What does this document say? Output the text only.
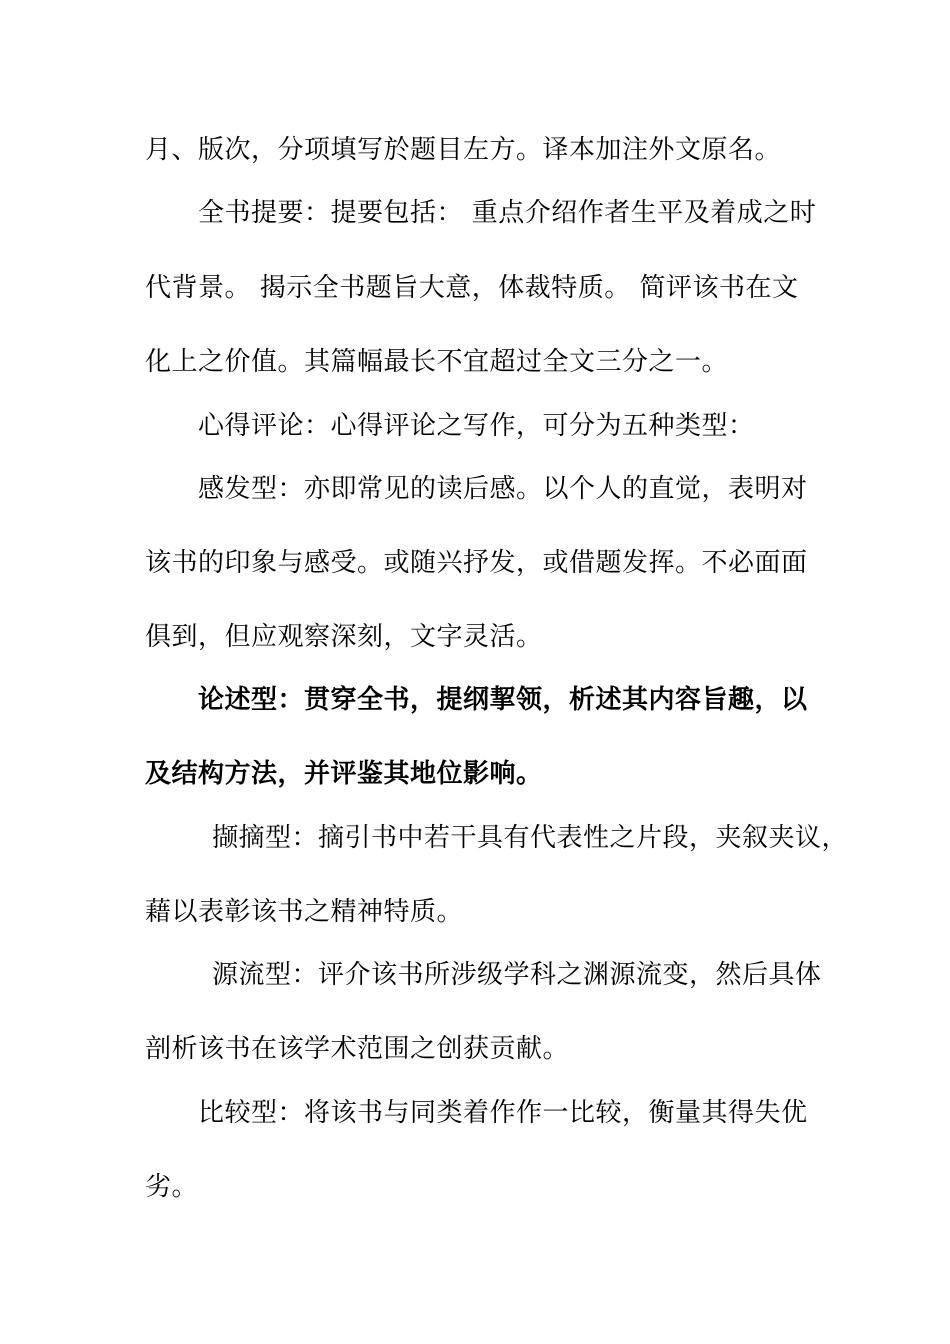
月、版次，分项填写於题目左方。译本加注外文原名。
全书提要：提要包括： 重点介绍作者生平及着成之时
代背景。 揭示全书题旨大意，体裁特质。 简评该书在文
化上之价值。其篇幅最长不宜超过全文三分之一。
心得评论：心得评论之写作，可分为五种类型：
感发型：亦即常见的读后感。以个人的直觉，表明对
该书的印象与感受。或随兴抒发，或借题发挥。不必面面
俱到，但应观察深刻，文字灵活。
论述型：贯穿全书，提纲挈领，析述其内容旨趣，以
及结构方法，并评鉴其地位影响。
撷摘型：摘引书中若干具有代表性之片段，夹叙夹议，
藉以表彰该书之精神特质。
源流型：评介该书所涉级学科之渊源流变，然后具体
剖析该书在该学术范围之创获贡献。
比较型：将该书与同类着作作一比较，衡量其得失优
劣。
